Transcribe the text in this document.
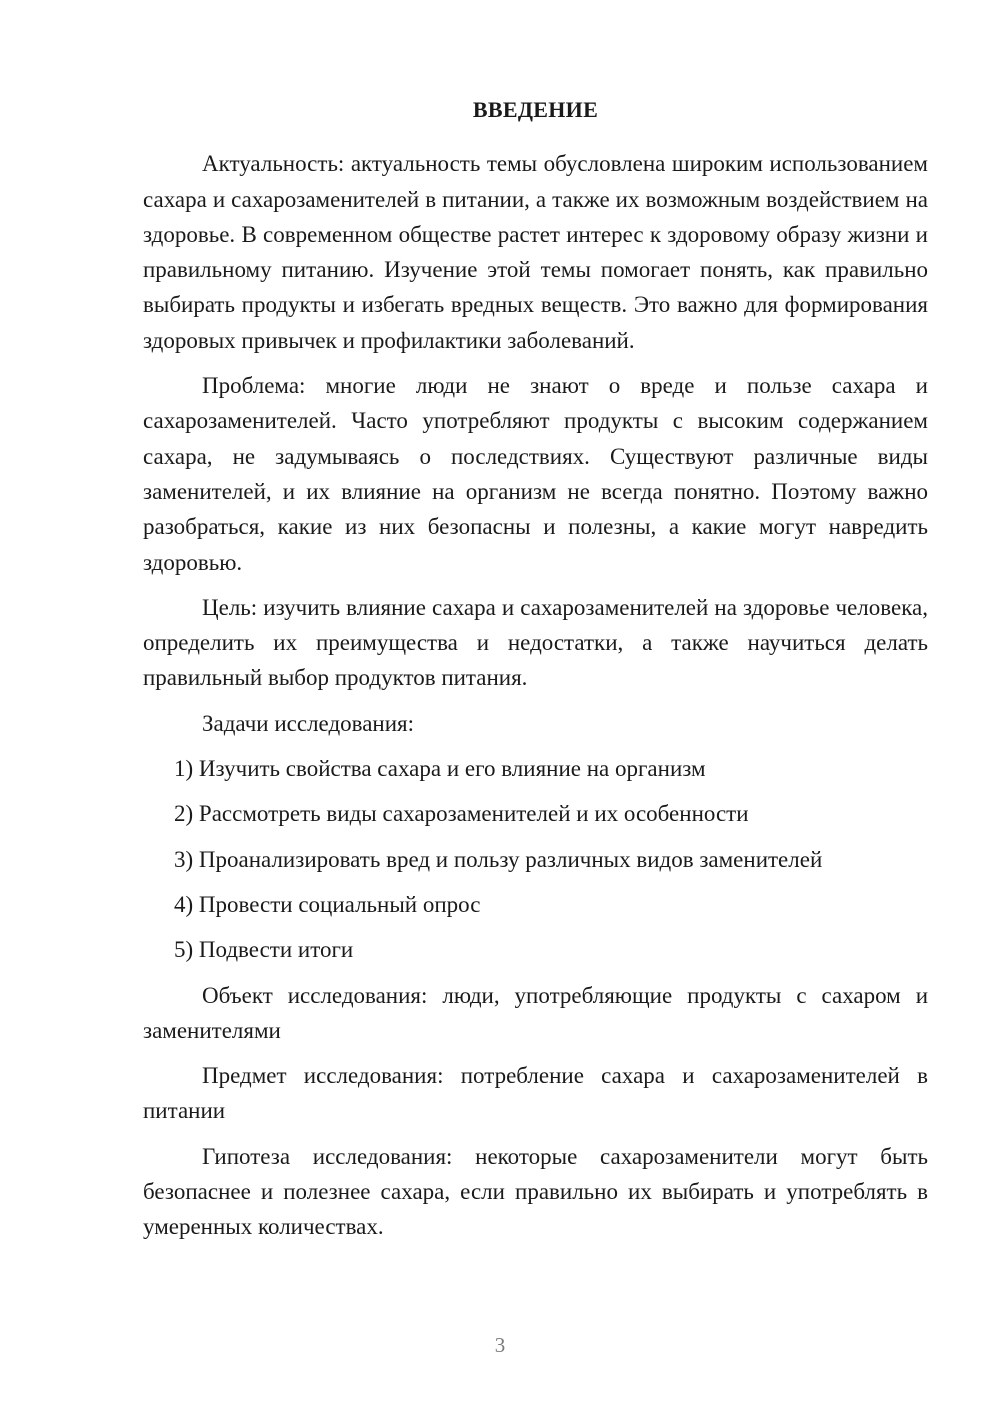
ВВЕДЕНИЕ

Актуальность: актуальность темы обусловлена широким использованием сахара и сахарозаменителей в питании, а также их возможным воздействием на здоровье. В современном обществе растет интерес к здоровому образу жизни и правильному питанию. Изучение этой темы помогает понять, как правильно выбирать продукты и избегать вредных веществ. Это важно для формирования здоровых привычек и профилактики заболеваний.

Проблема: многие люди не знают о вреде и пользе сахара и сахарозаменителей. Часто употребляют продукты с высоким содержанием сахара, не задумываясь о последствиях. Существуют различные виды заменителей, и их влияние на организм не всегда понятно. Поэтому важно разобраться, какие из них безопасны и полезны, а какие могут навредить здоровью.

Цель: изучить влияние сахара и сахарозаменителей на здоровье человека, определить их преимущества и недостатки, а также научиться делать правильный выбор продуктов питания.

Задачи исследования:

1) Изучить свойства сахара и его влияние на организм

2) Рассмотреть виды сахарозаменителей и их особенности

3) Проанализировать вред и пользу различных видов заменителей

4) Провести социальный опрос

5) Подвести итоги

Объект исследования: люди, употребляющие продукты с сахаром и заменителями

Предмет исследования: потребление сахара и сахарозаменителей в питании

Гипотеза исследования: некоторые сахарозаменители могут быть безопаснее и полезнее сахара, если правильно их выбирать и употреблять в умеренных количествах.

3
